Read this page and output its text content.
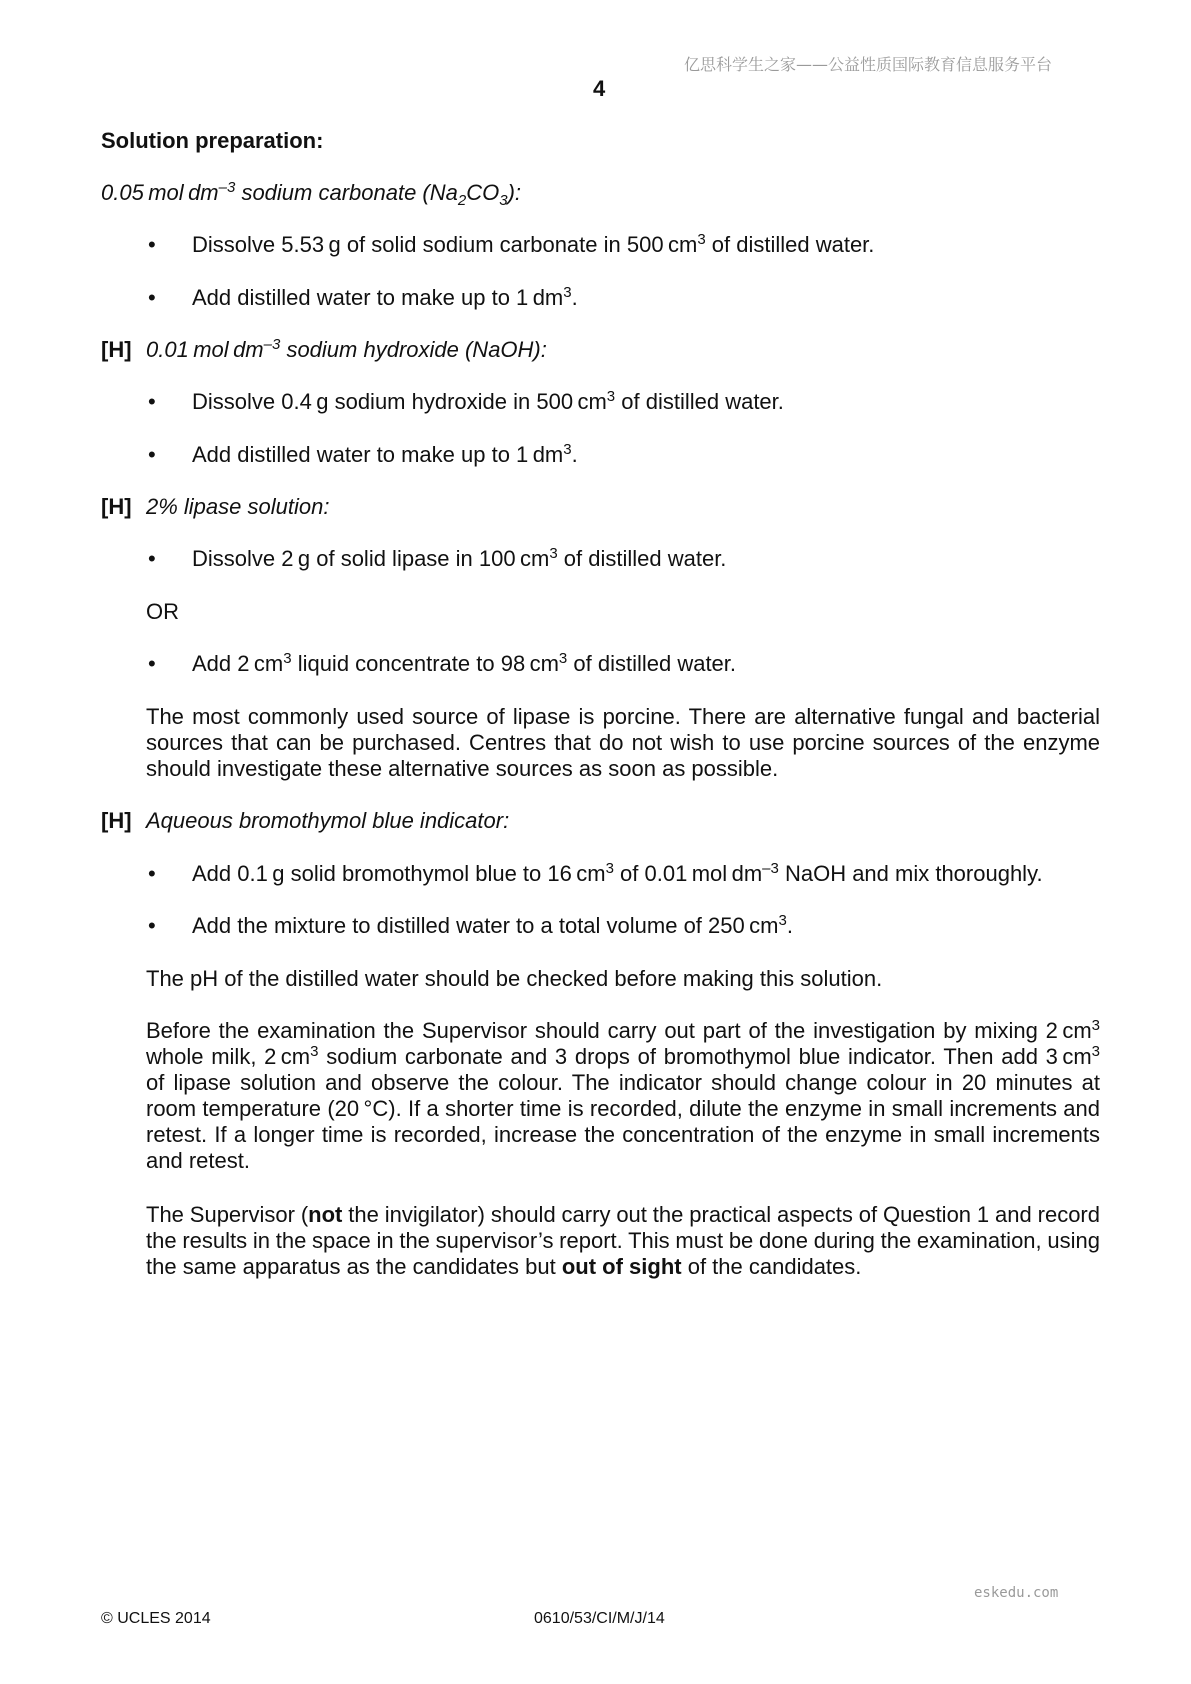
亿思科学生之家——公益性质国际教育信息服务平台
4
Solution preparation:
0.05 mol $dm^{-3}$ sodium carbonate $(Na_2CO_3)$:
• Dissolve 5.53 g of solid sodium carbonate in 500 $cm^3$ of distilled water.
• Add distilled water to make up to 1 $dm^3$.
[H] 0.01 mol $dm^{-3}$ sodium hydroxide (NaOH):
• Dissolve 0.4 g sodium hydroxide in 500 $cm^3$ of distilled water.
• Add distilled water to make up to 1 $dm^3$.
[H] 2% lipase solution:
• Dissolve 2 g of solid lipase in 100 $cm^3$ of distilled water.
OR
• Add 2 $cm^3$ liquid concentrate to 98 $cm^3$ of distilled water.
The most commonly used source of lipase is porcine. There are alternative fungal and bacterial
sources that can be purchased. Centres that do not wish to use porcine sources of the enzyme
should investigate these alternative sources as soon as possible.
[H] Aqueous bromothymol blue indicator:
• Add 0.1 g solid bromothymol blue to 16 $cm^3$ of 0.01 mol $dm^{-3}$ NaOH and mix thoroughly.
• Add the mixture to distilled water to a total volume of 250 $cm^3$.
The pH of the distilled water should be checked before making this solution.
Before the examination the Supervisor should carry out part of the investigation by mixing 2 $cm^3$
whole milk, 2 $cm^3$ sodium carbonate and 3 drops of bromothymol blue indicator. Then add 3 $cm^3$
of lipase solution and observe the colour. The indicator should change colour in 20 minutes at
room temperature (20 °C). If a shorter time is recorded, dilute the enzyme in small increments and
retest. If a longer time is recorded, increase the concentration of the enzyme in small increments
and retest.
The Supervisor (not the invigilator) should carry out the practical aspects of Question 1 and record
the results in the space in the supervisor’s report. This must be done during the examination, using
the same apparatus as the candidates but out of sight of the candidates.
eskedu.com
© UCLES 2014	0610/53/CI/M/J/14
